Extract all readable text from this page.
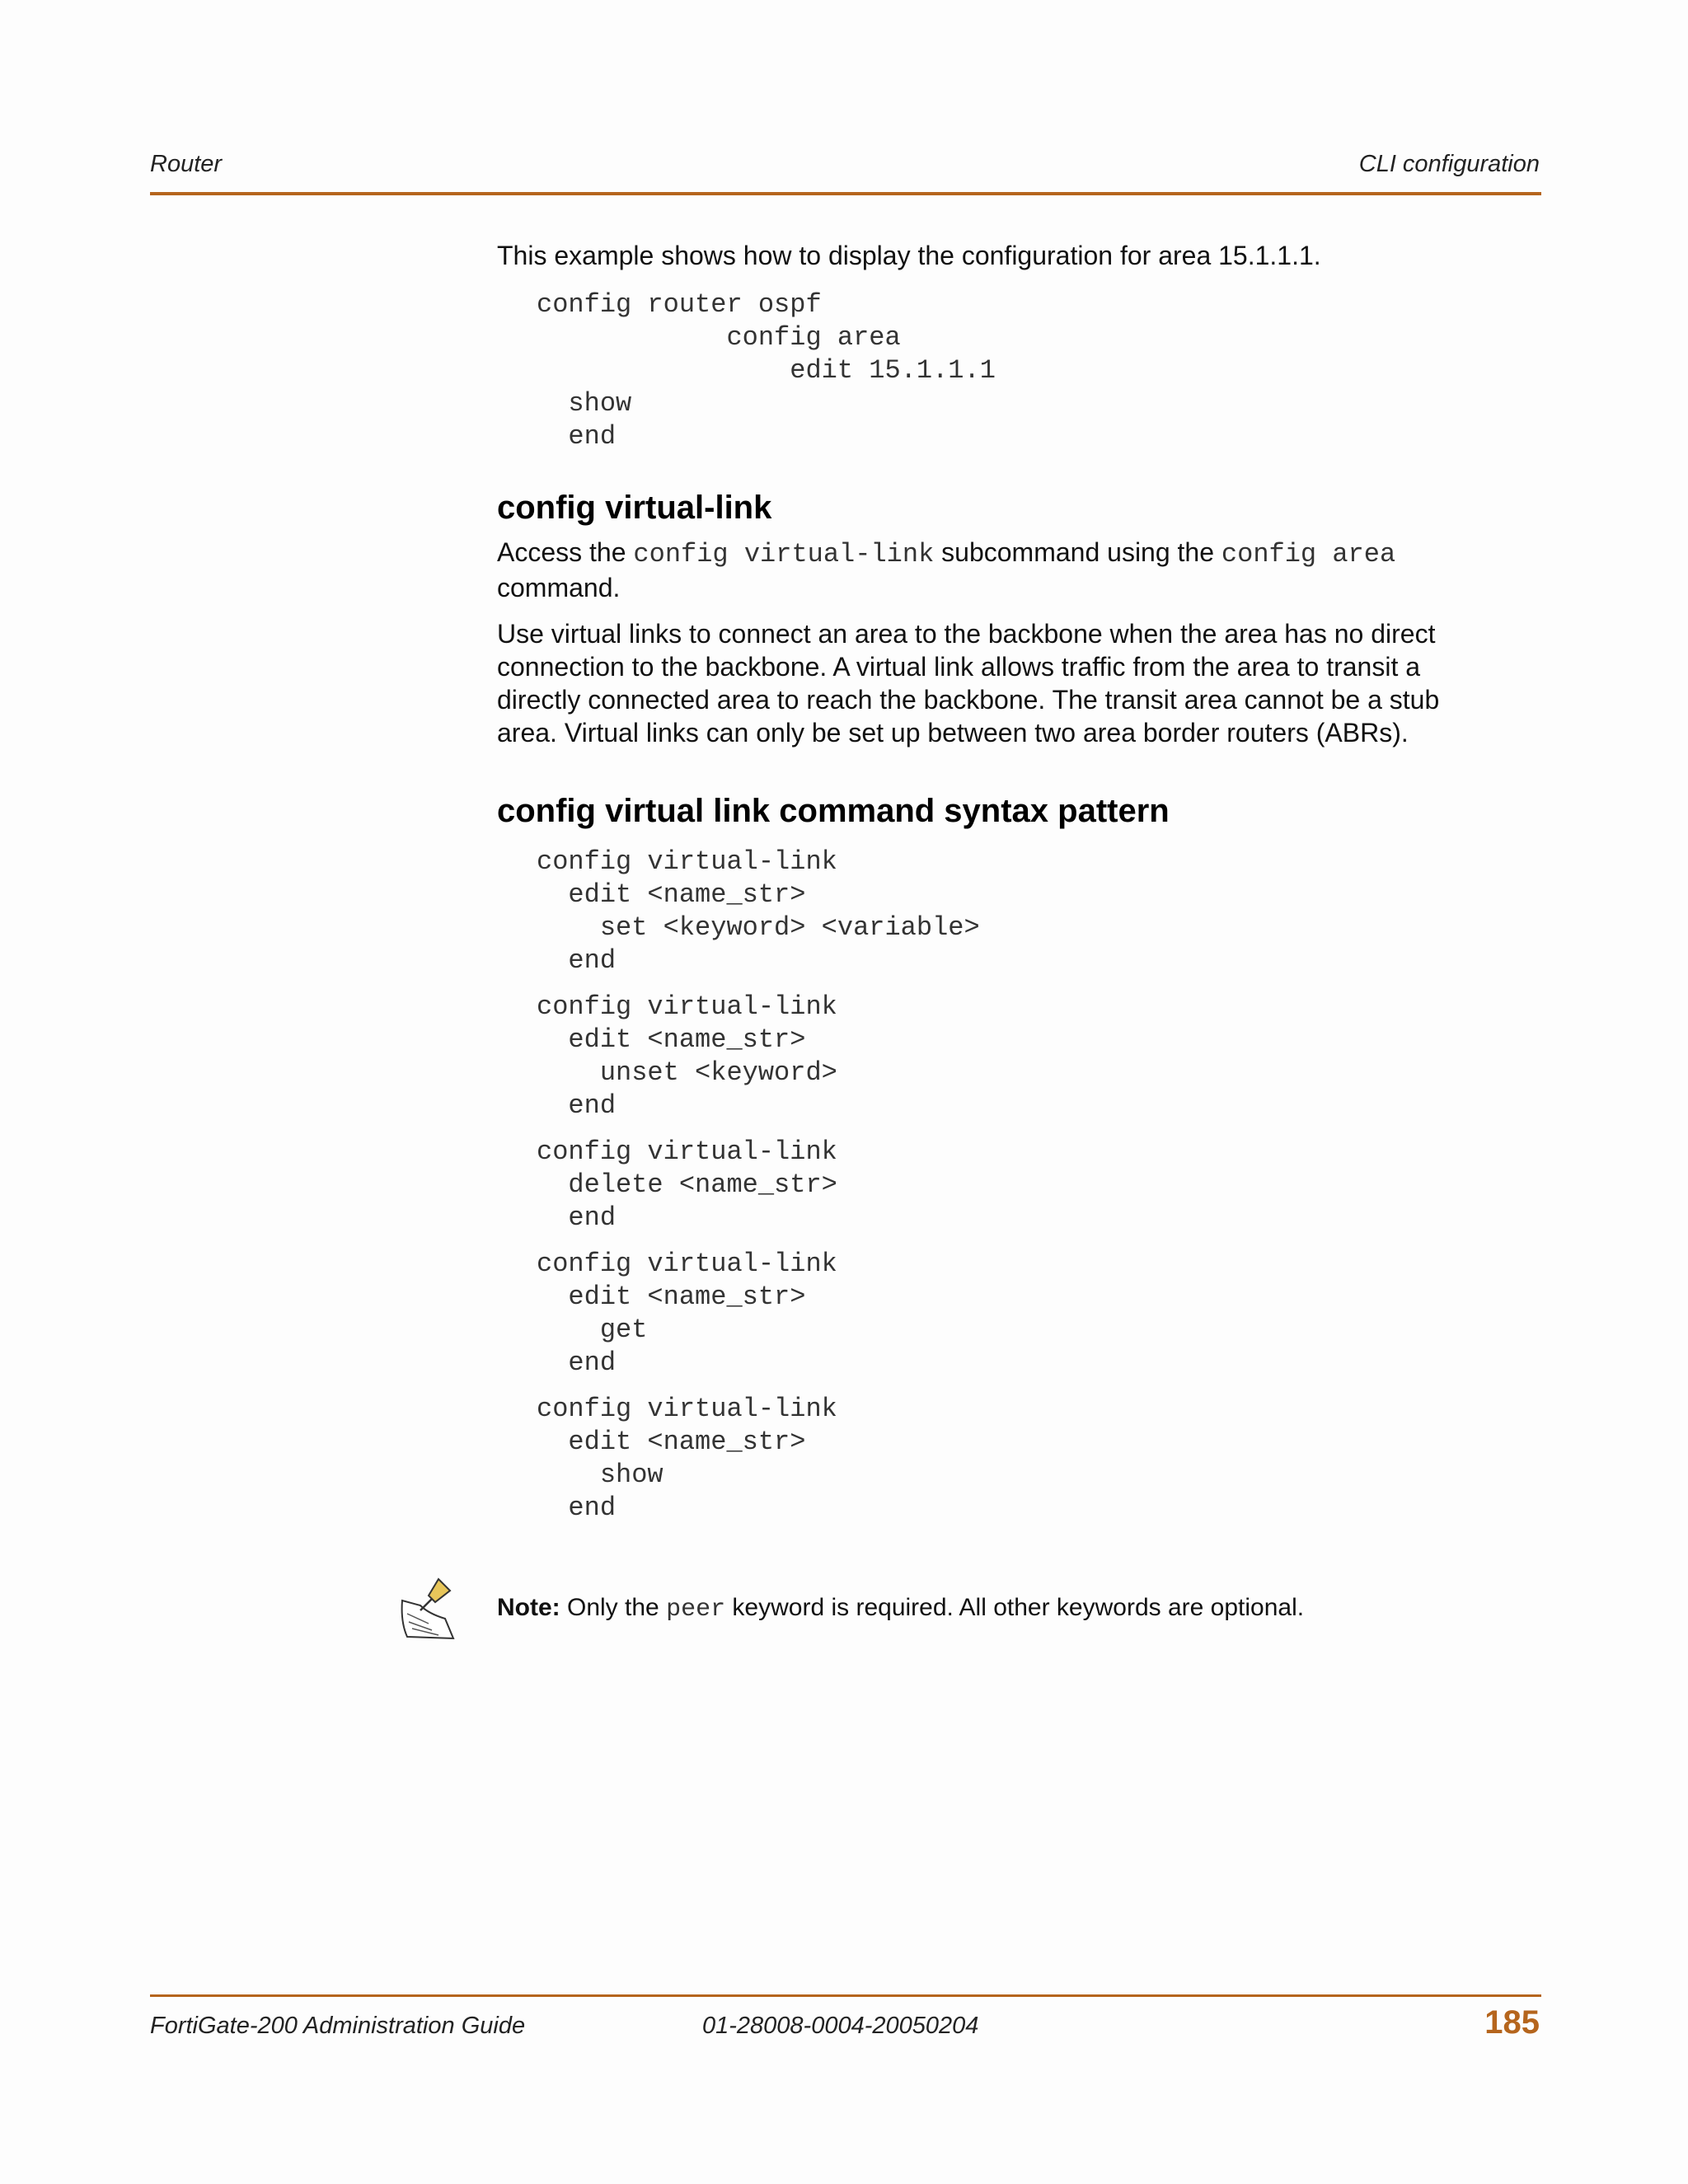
Router	CLI configuration

This example shows how to display the configuration for area 15.1.1.1.

config router ospf
config area
edit 15.1.1.1
show
end
config virtual-link

Access the config virtual-link subcommand using the config area
command.

Use virtual links to connect an area to the backbone when the area has no direct connection to the backbone. A virtual link allows traffic from the area to transit a directly connected area to reach the backbone. The transit area cannot be a stub area. Virtual links can only be set up between two area border routers (ABRs).

config virtual link command syntax pattern
config virtual-link
edit <name_str>
set <keyword> <variable>
end
config virtual-link
edit <name_str>
unset <keyword>
end
config virtual-link
delete <name_str>
end
config virtual-link
edit <name_str>
get
end
config virtual-link
edit <name_str>
show
end
Note: Only the peer keyword is required. All other keywords are optional.
FortiGate-200 Administration Guide	01-28008-0004-20050204	185
